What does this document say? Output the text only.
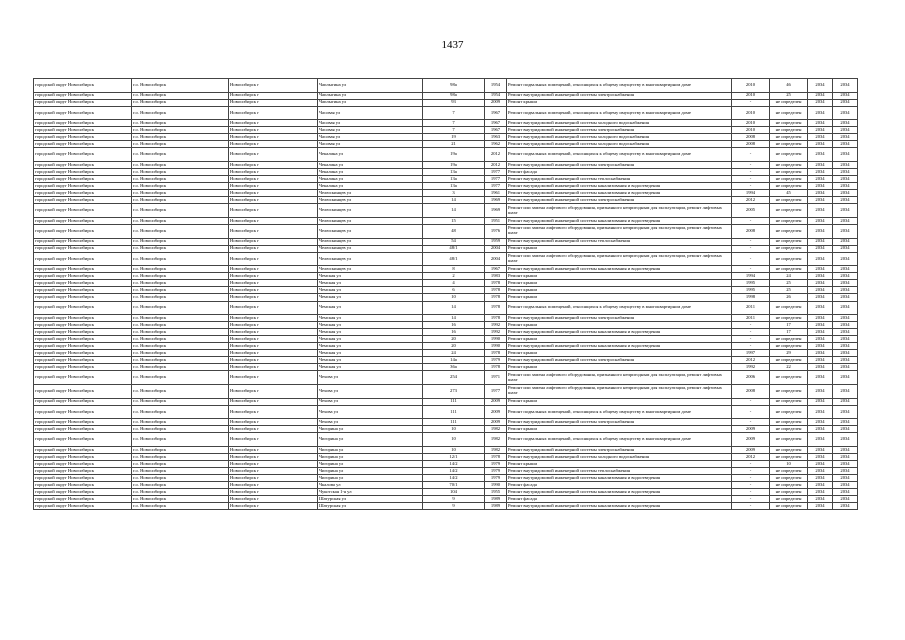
1437
городской округ Новосибирск	г.о. Новосибирск	Новосибирск г	Чаплыгина ул	98а	1954	Ремонт подвальных помещений, относящихся к общему имуществу в многоквартирном доме	2010	46	2034	2034
городской округ Новосибирск	г.о. Новосибирск	Новосибирск г	Чаплыгина ул	98а	1954	Ремонт внутридомовой инженерной системы электроснабжения	2010	25	2034	2034
городской округ Новосибирск	г.о. Новосибирск	Новосибирск г	Чаплыгина ул	93	2009	Ремонт крыши	-	не определен	2034	2034
городской округ Новосибирск	г.о. Новосибирск	Новосибирск г	Часовая ул	7	1967	Ремонт подвальных помещений, относящихся к общему имуществу в многоквартирном доме	2010	не определен	2034	2034
городской округ Новосибирск	г.о. Новосибирск	Новосибирск г	Часовая ул	7	1967	Ремонт внутридомовой инженерной системы холодного водоснабжения	2010	не определен	2034	2034
городской округ Новосибирск	г.о. Новосибирск	Новосибирск г	Часовая ул	7	1967	Ремонт внутридомовой инженерной системы электроснабжения	2010	не определен	2034	2034
городской округ Новосибирск	г.о. Новосибирск	Новосибирск г	Часовая ул	19	1963	Ремонт внутридомовой инженерной системы холодного водоснабжения	2008	не определен	2034	2034
городской округ Новосибирск	г.о. Новосибирск	Новосибирск г	Часовая ул	21	1962	Ремонт внутридомовой инженерной системы холодного водоснабжения	2008	не определен	2034	2034
городской округ Новосибирск	г.о. Новосибирск	Новосибирск г	Чекалина ул	19а	2012	Ремонт подвальных помещений, относящихся к общему имуществу в многоквартирном доме	-	не определен	2034	2034
городской округ Новосибирск	г.о. Новосибирск	Новосибирск г	Чекалина ул	19а	2012	Ремонт внутридомовой инженерной системы электроснабжения	-	не определен	2034	2034
городской округ Новосибирск	г.о. Новосибирск	Новосибирск г	Чекалина ул	13а	1977	Ремонт фасада	-	не определен	2034	2034
городской округ Новосибирск	г.о. Новосибирск	Новосибирск г	Чекалина ул	13а	1977	Ремонт внутридомовой инженерной системы теплоснабжения	-	не определен	2034	2034
городской округ Новосибирск	г.о. Новосибирск	Новосибирск г	Чекалина ул	13а	1977	Ремонт внутридомовой инженерной системы канализования и водоотведения	-	не определен	2034	2034
городской округ Новосибирск	г.о. Новосибирск	Новосибирск г	Челюскинцев ул	3	1961	Ремонт внутридомовой инженерной системы канализования и водоотведения	1994	45	2034	2034
городской округ Новосибирск	г.о. Новосибирск	Новосибирск г	Челюскинцев ул	14	1969	Ремонт внутридомовой инженерной системы электроснабжения	2012	не определен	2034	2034
городской округ Новосибирск	г.о. Новосибирск	Новосибирск г	Челюскинцев ул	14	1969	Ремонт или замена лифтового оборудования, признанного непригодным для эксплуатации, ремонт лифтовых шахт	2005	не определен	2034	2034
городской округ Новосибирск	г.о. Новосибирск	Новосибирск г	Челюскинцев ул	15	1951	Ремонт внутридомовой инженерной системы канализования и водоотведения	-	не определен	2034	2034
городской округ Новосибирск	г.о. Новосибирск	Новосибирск г	Челюскинцев ул	48	1976	Ремонт или замена лифтового оборудования, признанного непригодным для эксплуатации, ремонт лифтовых шахт	2008	не определен	2034	2034
городской округ Новосибирск	г.о. Новосибирск	Новосибирск г	Челюскинцев ул	54	1959	Ремонт внутридомовой инженерной системы теплоснабжения	-	не определен	2034	2034
городской округ Новосибирск	г.о. Новосибирск	Новосибирск г	Челюскинцев ул	48/1	2004	Ремонт крыши	-	не определен	2034	2034
городской округ Новосибирск	г.о. Новосибирск	Новосибирск г	Челюскинцев ул	48/1	2004	Ремонт или замена лифтового оборудования, признанного непригодным для эксплуатации, ремонт лифтовых шахт	-	не определен	2034	2034
городской округ Новосибирск	г.о. Новосибирск	Новосибирск г	Челюскинцев ул	8	1967	Ремонт внутридомовой инженерной системы канализования и водоотведения	-	не определен	2034	2034
городской округ Новосибирск	г.о. Новосибирск	Новосибирск г	Чемская ул	2	1983	Ремонт крыши	1994	24	2034	2034
городской округ Новосибирск	г.о. Новосибирск	Новосибирск г	Чемская ул	4	1978	Ремонт крыши	1995	25	2034	2034
городской округ Новосибирск	г.о. Новосибирск	Новосибирск г	Чемская ул	6	1978	Ремонт крыши	1995	25	2034	2034
городской округ Новосибирск	г.о. Новосибирск	Новосибирск г	Чемская ул	10	1978	Ремонт крыши	1998	26	2034	2034
городской округ Новосибирск	г.о. Новосибирск	Новосибирск г	Чемская ул	14	1978	Ремонт подвальных помещений, относящихся к общему имуществу в многоквартирном доме	2011	не определен	2034	2034
городской округ Новосибирск	г.о. Новосибирск	Новосибирск г	Чемская ул	14	1978	Ремонт внутридомовой инженерной системы электроснабжения	2011	не определен	2034	2034
городской округ Новосибирск	г.о. Новосибирск	Новосибирск г	Чемская ул	16	1992	Ремонт крыши	-	17	2034	2034
городской округ Новосибирск	г.о. Новосибирск	Новосибирск г	Чемская ул	16	1992	Ремонт внутридомовой инженерной системы канализования и водоотведения	-	17	2034	2034
городской округ Новосибирск	г.о. Новосибирск	Новосибирск г	Чемская ул	20	1990	Ремонт крыши	-	не определен	2034	2034
городской округ Новосибирск	г.о. Новосибирск	Новосибирск г	Чемская ул	20	1990	Ремонт внутридомовой инженерной системы канализования и водоотведения	-	не определен	2034	2034
городской округ Новосибирск	г.о. Новосибирск	Новосибирск г	Чемская ул	24	1978	Ремонт крыши	1997	29	2034	2034
городской округ Новосибирск	г.о. Новосибирск	Новосибирск г	Чемская ул	14а	1979	Ремонт внутридомовой инженерной системы электроснабжения	2012	не определен	2034	2034
городской округ Новосибирск	г.о. Новосибирск	Новосибирск г	Чемская ул	36а	1978	Ремонт крыши	1992	22	2034	2034
городской округ Новосибирск	г.о. Новосибирск	Новосибирск г	Чехова ул	254	1971	Ремонт или замена лифтового оборудования, признанного непригодным для эксплуатации, ремонт лифтовых шахт	2006	не определен	2034	2034
городской округ Новосибирск	г.о. Новосибирск	Новосибирск г	Чехова ул	273	1977	Ремонт или замена лифтового оборудования, признанного непригодным для эксплуатации, ремонт лифтовых шахт	2008	не определен	2034	2034
городской округ Новосибирск	г.о. Новосибирск	Новосибирск г	Чехова ул	111	2009	Ремонт крыши	-	не определен	2034	2034
городской округ Новосибирск	г.о. Новосибирск	Новосибирск г	Чехова ул	111	2009	Ремонт подвальных помещений, относящихся к общему имуществу в многоквартирном доме	-	не определен	2034	2034
городской округ Новосибирск	г.о. Новосибирск	Новосибирск г	Чехова ул	111	2009	Ремонт внутридомовой инженерной системы электроснабжения	-	не определен	2034	2034
городской округ Новосибирск	г.о. Новосибирск	Новосибирск г	Чигорина ул	10	1982	Ремонт крыши	2009	не определен	2034	2034
городской округ Новосибирск	г.о. Новосибирск	Новосибирск г	Чигорина ул	10	1982	Ремонт подвальных помещений, относящихся к общему имуществу в многоквартирном доме	2009	не определен	2034	2034
городской округ Новосибирск	г.о. Новосибирск	Новосибирск г	Чигорина ул	10	1982	Ремонт внутридомовой инженерной системы электроснабжения	2009	не определен	2034	2034
городской округ Новосибирск	г.о. Новосибирск	Новосибирск г	Чигорина ул	12/1	1978	Ремонт внутридомовой инженерной системы холодного водоснабжения	2012	не определен	2034	2034
городской округ Новосибирск	г.о. Новосибирск	Новосибирск г	Чигорина ул	14/2	1979	Ремонт крыши	-	10	2034	2034
городской округ Новосибирск	г.о. Новосибирск	Новосибирск г	Чигорина ул	14/2	1979	Ремонт внутридомовой инженерной системы теплоснабжения	-	не определен	2034	2034
городской округ Новосибирск	г.о. Новосибирск	Новосибирск г	Чигорина ул	14/2	1979	Ремонт внутридомовой инженерной системы канализования и водоотведения	-	не определен	2034	2034
городской округ Новосибирск	г.о. Новосибирск	Новосибирск г	Чкалова ул	70/1	1990	Ремонт фасада	-	не определен	2034	2034
городской округ Новосибирск	г.о. Новосибирск	Новосибирск г	Чукотская 1-я ул	104	1955	Ремонт внутридомовой инженерной системы канализования и водоотведения	-	не определен	2034	2034
городской округ Новосибирск	г.о. Новосибирск	Новосибирск г	Шатурская ул	9	1989	Ремонт фасада	-	не определен	2034	2034
городской округ Новосибирск	г.о. Новосибирск	Новосибирск г	Шатурская ул	9	1989	Ремонт внутридомовой инженерной системы канализования и водоотведения	-	не определен	2034	2034
